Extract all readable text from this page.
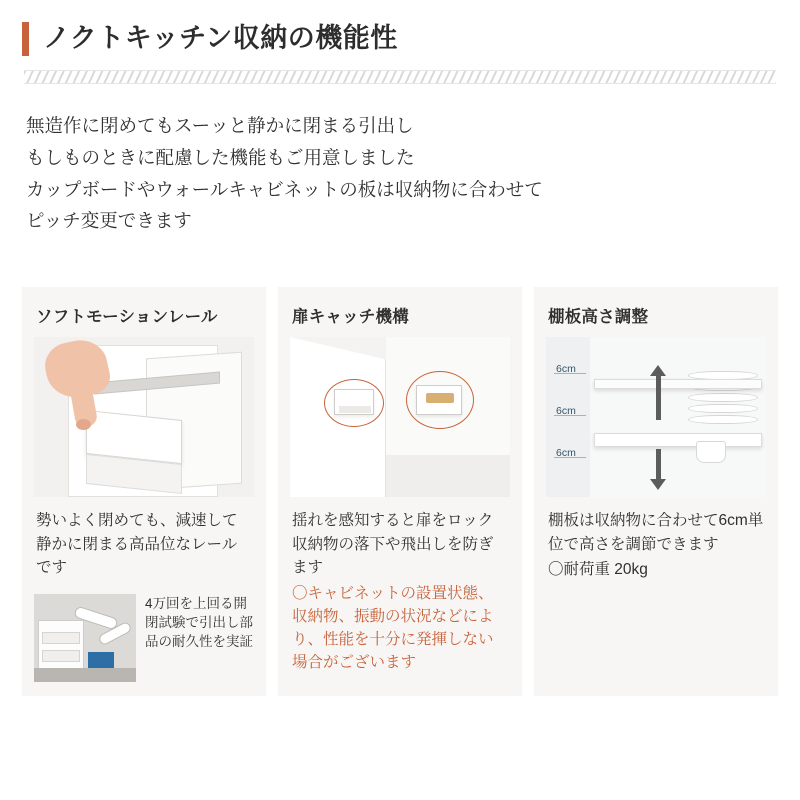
ノクトキッチン収納の機能性
無造作に閉めてもスーッと静かに閉まる引出し
もしものときに配慮した機能もご用意しました
カップボードやウォールキャビネットの板は収納物に合わせて
ピッチ変更できます
ソフトモーションレール
勢いよく閉めても、減速して静かに閉まる高品位なレールです
4万回を上回る開閉試験で引出し部品の耐久性を実証
扉キャッチ機構
揺れを感知すると扉をロック収納物の落下や飛出しを防ぎます
〇キャビネットの設置状態、収納物、振動の状況などにより、性能を十分に発揮しない場合がございます
棚板高さ調整
6cm
6cm
6cm
棚板は収納物に合わせて6cm単位で高さを調節できます
〇耐荷重 20kg
